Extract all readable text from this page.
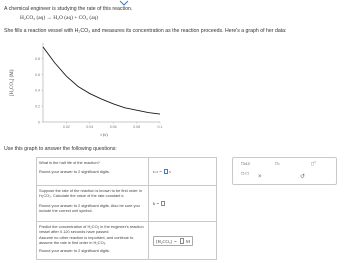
A chemical engineer is studying the rate of this reaction.
H₂CO₃ (aq) → H₂O (aq) + CO₂ (aq)
She fills a reaction vessel with H₂CO₃ and measures its concentration as the reaction proceeds. Here's a graph of her data:
0.8
0.6
0.4
0.2
0
0.02	0.04	0.06	0.08	0.1
[H₂CO₃] (M)
t (s)
Use this graph to answer the following questions:
What is the half life of the reaction?
Round your answer to 2 significant digits.	t 1/2 = s
Suppose the rate of the reaction is known to be first order in H₂CO₃. Calculate the value of the rate constant k.
Round your answer to 2 significant digits. Also be sure you include the correct unit symbol.
k =
Predict the concentration of H₂CO₃ in the engineer's reaction vessel after 0.120 seconds have passed.
Assume no other reaction is important, and continue to assume the rate is first order in H₂CO₃.
Round your answer to 2 significant digits.
[H₂CO₃] = M
□x10	□□	□□
□·□ ×	↺
